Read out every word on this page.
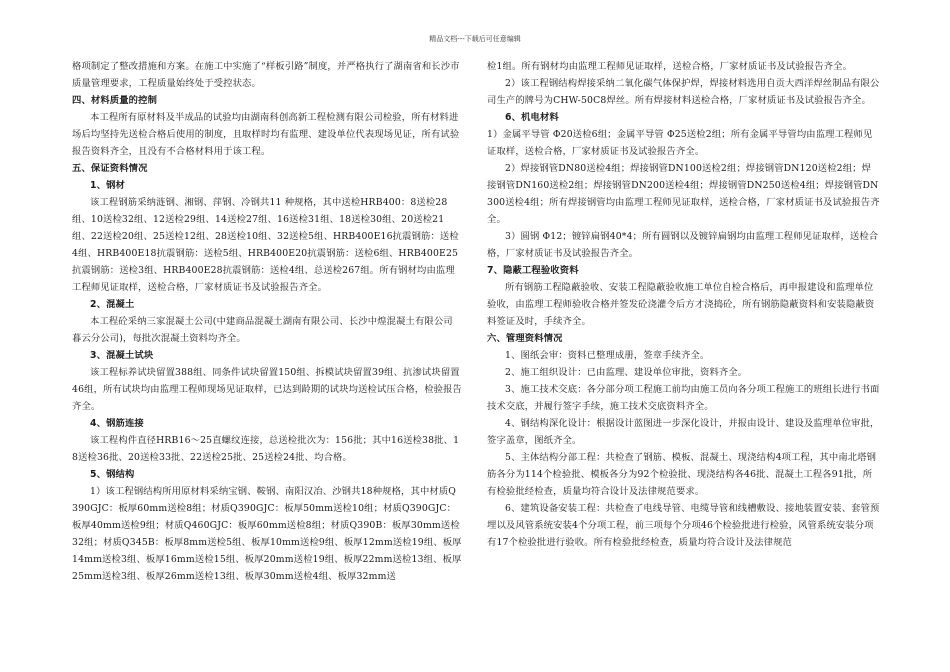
精品文档---下载后可任意编辑

格项制定了整改措施和方案。在施工中实施了“样板引路”制度，并严格执行了湖南省和长沙市质量管理要求，工程质量始终处于受控状态。

四、材料质量的控制

本工程所有原材料及半成品的试验均由湖南科创高新工程检测有限公司检验，所有材料进场后均坚持先送检合格后使用的制度，且取样时均有监理、建设单位代表现场见证，所有试验报告资料齐全，且没有不合格材料用于该工程。

五、保证资料情况

1、钢材

该工程钢筋采纳涟钢、湘钢、萍钢、冷钢共11 种规格，其中送检HRB400：8送检28组、10送检32组、12送检29组、14送检27组、16送检31组、18送检30组、20送检21组、22送检20组、25送检12组、28送检10组、32送检5组、HRB400E16抗震钢筋：送检4组、HRB400E18抗震钢筋：送检5组、HRB400E20抗震钢筋：送检6组、HRB400E25抗震钢筋：送检3组、HRB400E28抗震钢筋：送检4组、总送检267组。所有钢材均由监理工程师见证取样，送检合格，厂家材质证书及试验报告齐全。

2、混凝土

本工程砼采纳三家混凝土公司(中建商品混凝土湖南有限公司、长沙中煌混凝土有限公司暮云分公司)，每批次混凝土资料均齐全。

3、混凝土试块

该工程标养试块留置388组、同条件试块留置150组、拆模试块留置39组、抗渗试块留置46组，所有试块均由监理工程师现场见证取样，已达到龄期的试块均送检试压合格，检验报告齐全。

4、钢筋连接

该工程构件直径HRB16～25直螺纹连接，总送检批次为：156批；其中16送检38批、18送检36批、20送检33批、22送检25批、25送检24批、均合格。

5、钢结构

1）该工程钢结构所用原材料采纳宝钢、鞍钢、南阳汉冶、沙钢共18种规格，其中材质Q390GJC：板厚60mm送检8组；材质Q390GJC：板厚50mm送检10组；材质Q390GJC：板厚40mm送检9组；材质Q460GJC：板厚60mm送检8组；材质Q390B：板厚30mm送检32组；材质Q345B：板厚8mm送检5组、板厚10mm送检9组、板厚12mm送检19组、板厚14mm送检3组、板厚16mm送检15组、板厚20mm送检19组、板厚22mm送检13组、板厚25mm送检3组、板厚26mm送检13组、板厚30mm送检4组、板厚32mm送

检1组。所有钢材均由监理工程师见证取样，送检合格，厂家材质证书及试验报告齐全。

2）该工程钢结构焊接采纳二氧化碳气体保护焊，焊接材料选用自贡大西洋焊丝制品有限公司生产的牌号为CHW-50C8焊丝。所有焊接材料送检合格，厂家材质证书及试验报告齐全。

6、机电材料

1）金属平导管 Φ20送检6组；金属平导管 Φ25送检2组；所有金属平导管均由监理工程师见证取样，送检合格，厂家材质证书及试验报告齐全。

2）焊接钢管DN80送检4组；焊接钢管DN100送检2组；焊接钢管DN120送检2组；焊接钢管DN160送检2组；焊接钢管DN200送检4组；焊接钢管DN250送检4组；焊接钢管DN300送检4组；所有焊接钢管均由监理工程师见证取样，送检合格，厂家材质证书及试验报告齐全。

3）圆钢 Φ12；镀锌扁钢40*4；所有圆钢以及镀锌扁钢均由监理工程师见证取样，送检合格，厂家材质证书及试验报告齐全。

7、隐蔽工程验收资料

所有钢筋工程隐蔽验收、安装工程隐蔽验收施工单位自检合格后，再申报建设和监理单位验收，由监理工程师验收合格并签发砼浇灌令后方才浇捣砼，所有钢筋隐蔽资料和安装隐蔽资料签证及时，手续齐全。

六、管理资料情况

1、图纸会审：资料已整理成册，签章手续齐全。

2、施工组织设计：已由监理、建设单位审批，资料齐全。

3、施工技术交底：各分部分项工程施工前均由施工员向各分项工程施工的班组长进行书面技术交底，并履行签字手续，施工技术交底资料齐全。

4、钢结构深化设计：根据设计蓝图进一步深化设计，并报由设计、建设及监理单位审批，签字盖章，图纸齐全。

5、主体结构分部工程：共检查了钢筋、模板、混凝土、现浇结构4项工程，其中南北塔钢筋各分为114个检验批、模板各分为92个检验批、现浇结构各46批、混凝土工程各91批，所有检验批经检查，质量均符合设计及法律规范要求。

6、建筑设备安装工程：共检查了电线导管、电缆导管和线槽敷设、接地装置安装、套管预埋以及风管系统安装4个分项工程，前三项每个分项46个检验批进行检验，风管系统安装分项有17个检验批进行验收。所有检验批经检查，质量均符合设计及法律规范
